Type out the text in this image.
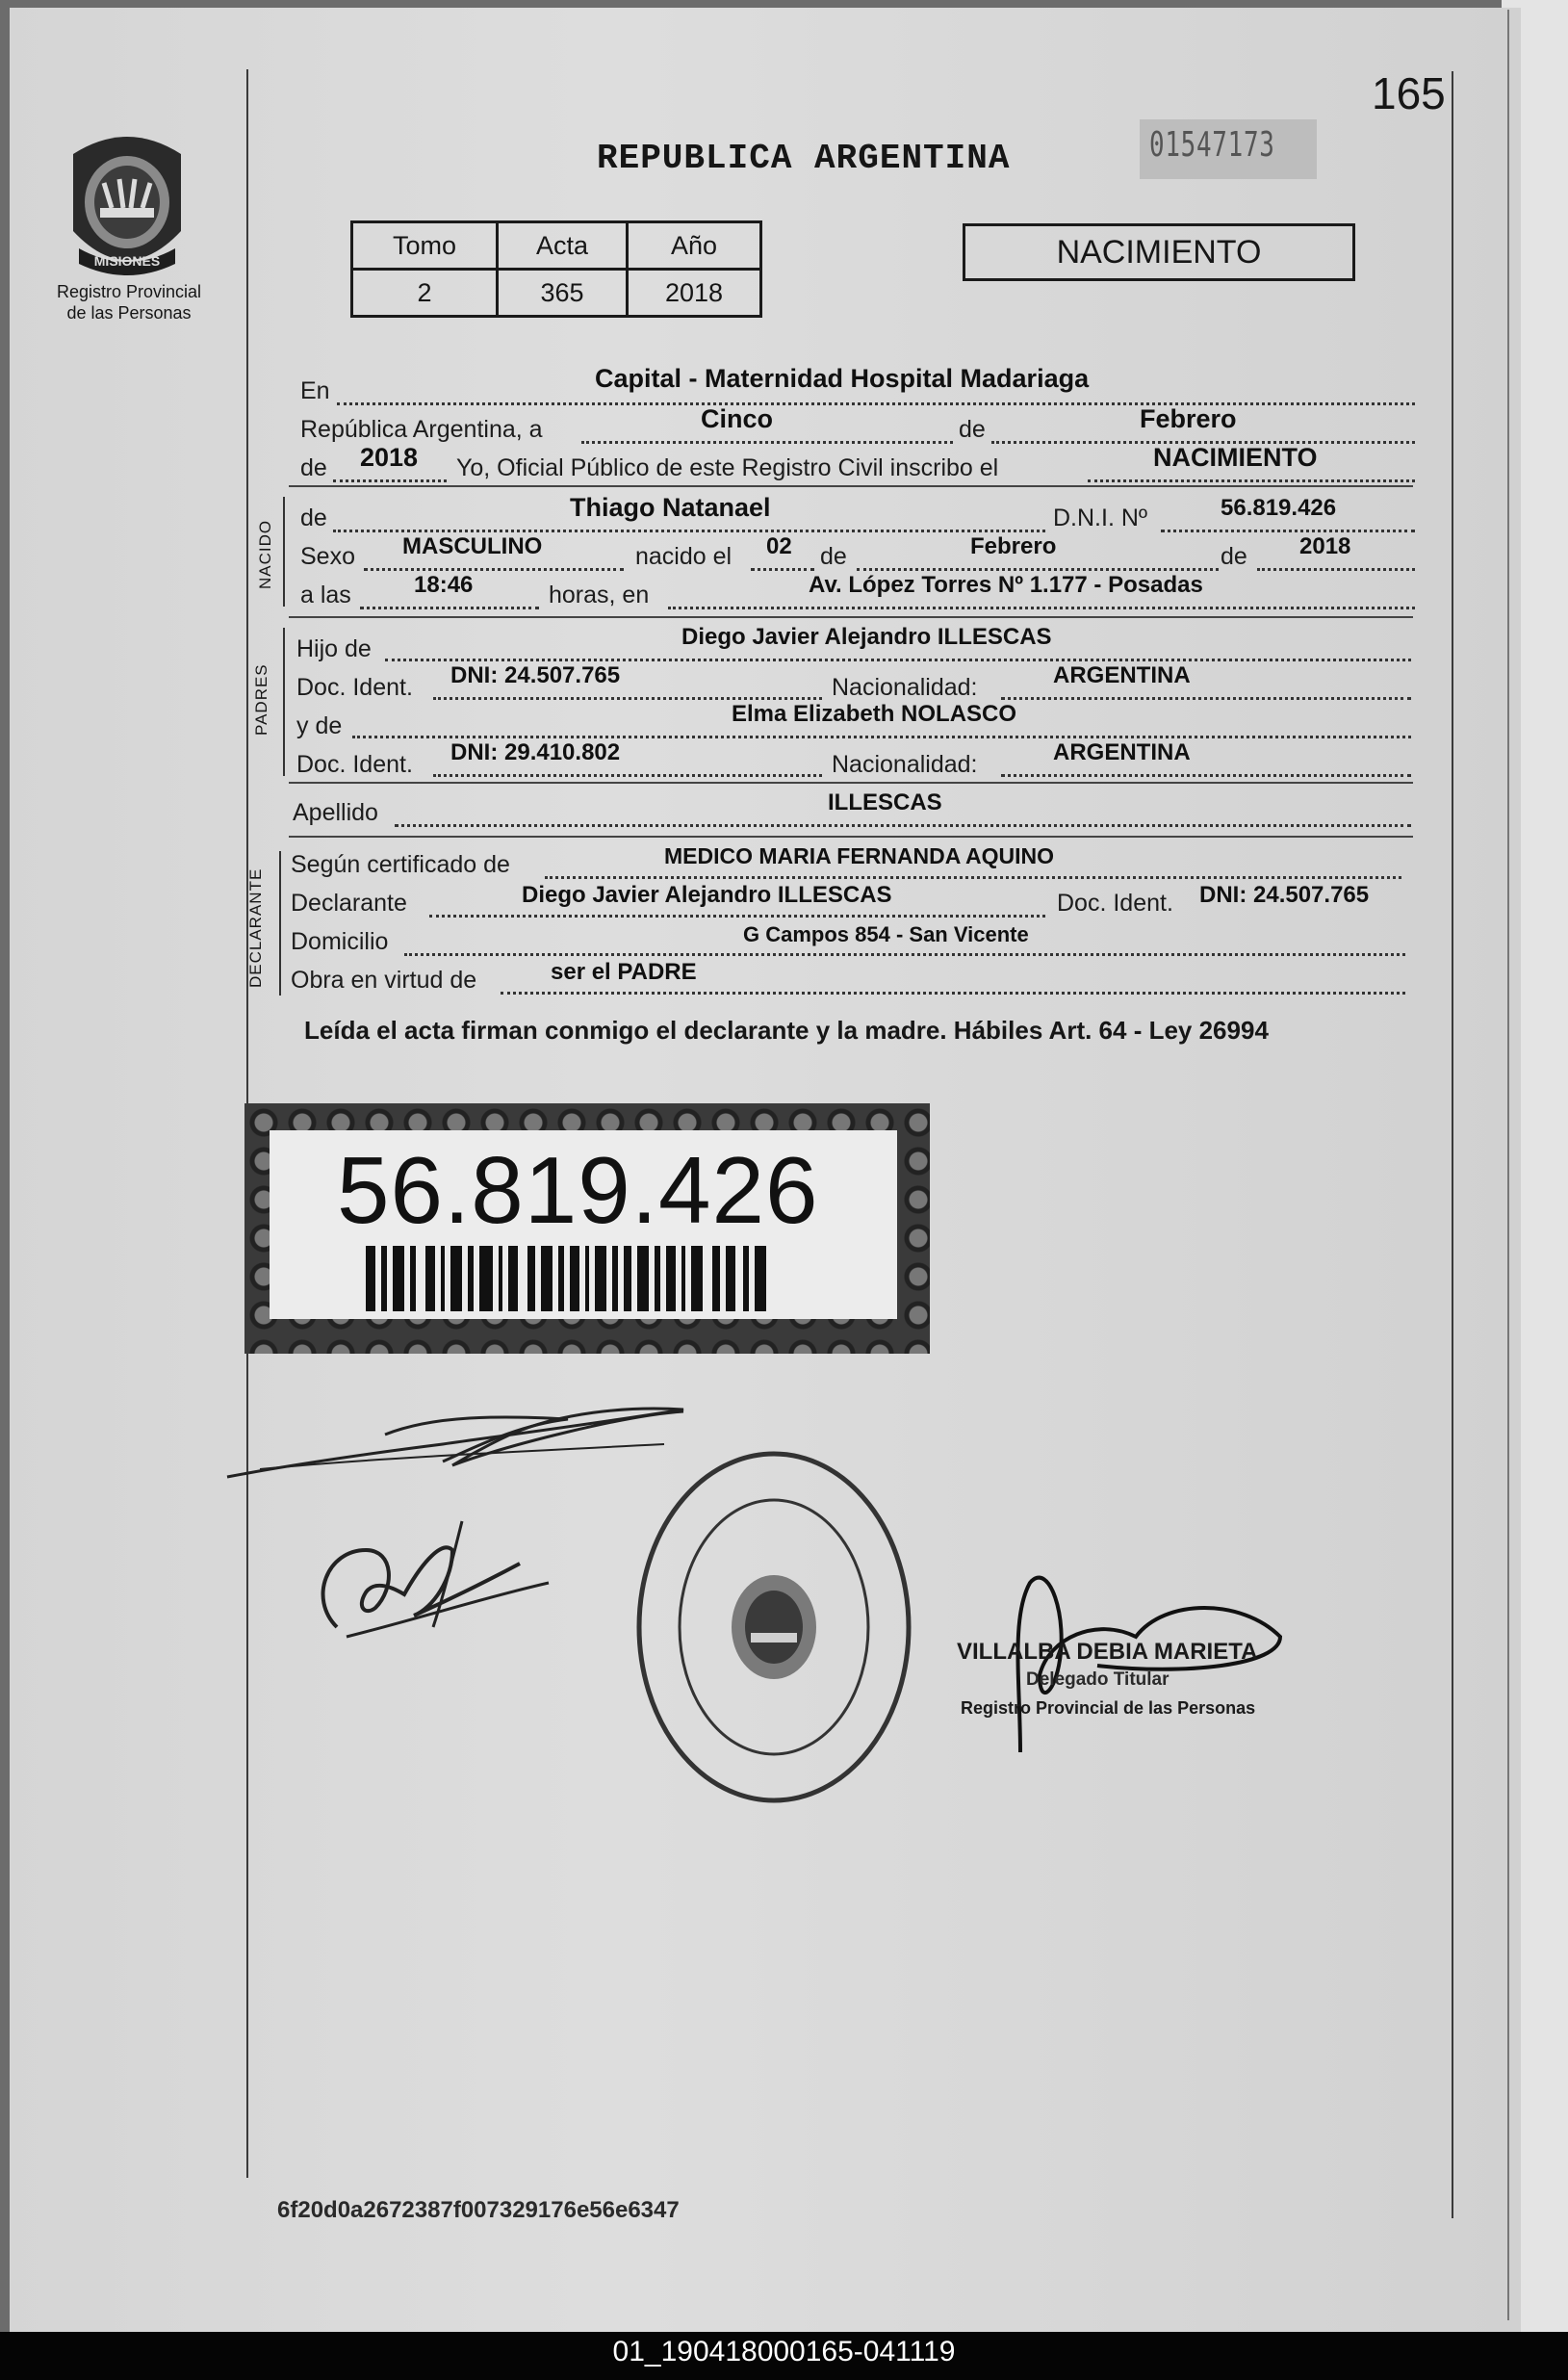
165
01547173
REPUBLICA ARGENTINA
MISIONES
Registro Provincial
de las Personas
Tomo	Acta	Año
2	365	2018
NACIMIENTO
En	Capital - Maternidad Hospital Madariaga
República Argentina, a	Cinco	de	Febrero
de 2018 Yo, Oficial Público de este Registro Civil inscribo el	NACIMIENTO
NACIDO
de	Thiago Natanael	D.N.I. Nº	56.819.426
Sexo MASCULINO	nacido el 02 de	Febrero	de 2018
a las	18:46	horas, en	Av. López Torres Nº 1.177 - Posadas
PADRES
Hijo de	Diego Javier Alejandro ILLESCAS
Doc. Ident. DNI: 24.507.765	Nacionalidad:	ARGENTINA
y de	Elma Elizabeth NOLASCO
Doc. Ident. DNI: 29.410.802	Nacionalidad:	ARGENTINA
Apellido	ILLESCAS
DECLARANTE
Según certificado de	MEDICO MARIA FERNANDA AQUINO
Declarante	Diego Javier Alejandro ILLESCAS	Doc. Ident. DNI: 24.507.765
Domicilio	G Campos 854 - San Vicente
Obra en virtud de	ser el PADRE
Leída el acta firman conmigo el declarante y la madre. Hábiles Art. 64 - Ley 26994
56.819.426
VILLALBA DEBIA MARIETA
Delegado Titular
Registro Provincial de las Personas
6f20d0a2672387f007329176e56e6347
01_190418000165-041119
